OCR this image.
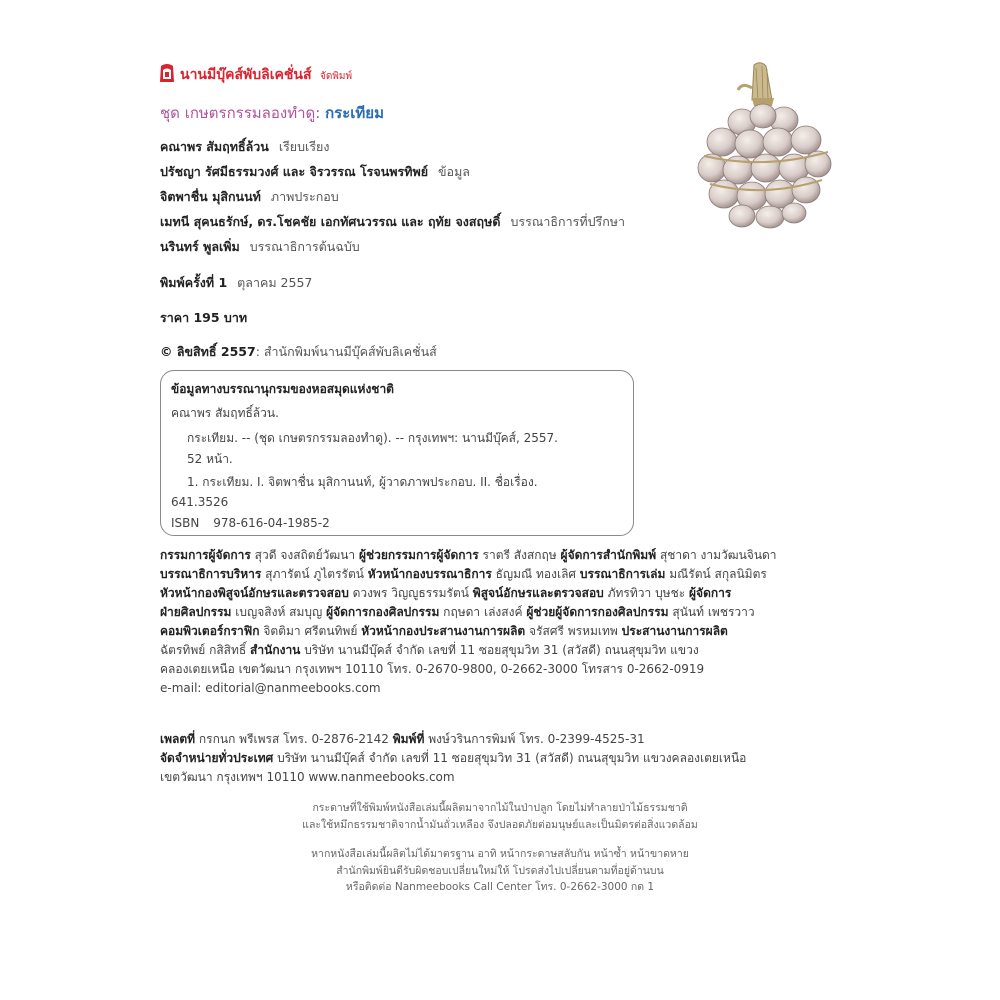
นานมีบุ๊คส์พับลิเคชั่นส์ จัดพิมพ์
ชุด เกษตรกรรมลองทำดู: กระเทียม
คณาพร สัมฤทธิ์ล้วน เรียบเรียง
ปรัชญา รัศมีธรรมวงศ์ และ จิรวรรณ โรจนพรทิพย์ ข้อมูล
จิตพาชื่น มุสิกนนท์ ภาพประกอบ
เมทนี สุคนธรักษ์, ดร.โชคชัย เอกทัศนวรรณ และ ฤทัย จงสฤษดิ์ บรรณาธิการที่ปรึกษา
นรินทร์ พูลเพิ่ม บรรณาธิการต้นฉบับ
พิมพ์ครั้งที่ 1 ตุลาคม 2557
ราคา 195 บาท
© ลิขสิทธิ์ 2557: สำนักพิมพ์นานมีบุ๊คส์พับลิเคชั่นส์
ข้อมูลทางบรรณานุกรมของหอสมุดแห่งชาติ
คณาพร สัมฤทธิ์ล้วน.
กระเทียม. -- (ชุด เกษตรกรรมลองทำดู). -- กรุงเทพฯ: นานมีบุ๊คส์, 2557.
52 หน้า.
1. กระเทียม. I. จิตพาชื่น มุสิกานนท์, ผู้วาดภาพประกอบ. II. ชื่อเรื่อง.
641.3526
ISBN 978-616-04-1985-2
กรรมการผู้จัดการ สุวดี จงสถิตย์วัฒนา ผู้ช่วยกรรมการผู้จัดการ ราตรี สังสกฤษ ผู้จัดการสำนักพิมพ์ สุชาดา งามวัฒนจินดา
บรรณาธิการบริหาร สุภารัตน์ ภูไตรรัตน์ หัวหน้ากองบรรณาธิการ ธัญมณี ทองเลิศ บรรณาธิการเล่ม มณีรัตน์ สกุลนิมิตร
หัวหน้ากองพิสูจน์อักษรและตรวจสอบ ดวงพร วิญญูธรรมรัตน์ พิสูจน์อักษรและตรวจสอบ ภัทรทิวา บุษชะ ผู้จัดการ
ฝ่ายศิลปกรรม เบญจสิงห์ สมบุญ ผู้จัดการกองศิลปกรรม กฤษดา เล่งสงค์ ผู้ช่วยผู้จัดการกองศิลปกรรม สุนันท์ เพชรวาว
คอมพิวเตอร์กราฟิก จิตติมา ศรีตนทิพย์ หัวหน้ากองประสานงานการผลิต จรัสศรี พรหมเทพ ประสานงานการผลิต
ฉัตรทิพย์ กสิสิทธิ์ สำนักงาน บริษัท นานมีบุ๊คส์ จำกัด เลขที่ 11 ซอยสุขุมวิท 31 (สวัสดี) ถนนสุขุมวิท แขวง
คลองเตยเหนือ เขตวัฒนา กรุงเทพฯ 10110 โทร. 0-2670-9800, 0-2662-3000 โทรสาร 0-2662-0919
e-mail: editorial@nanmeebooks.com
เพลตที่ กรกนก พรีเพรส โทร. 0-2876-2142 พิมพ์ที่ พงษ์วรินการพิมพ์ โทร. 0-2399-4525-31
จัดจำหน่ายทั่วประเทศ บริษัท นานมีบุ๊คส์ จำกัด เลขที่ 11 ซอยสุขุมวิท 31 (สวัสดี) ถนนสุขุมวิท แขวงคลองเตยเหนือ
เขตวัฒนา กรุงเทพฯ 10110 www.nanmeebooks.com
กระดาษที่ใช้พิมพ์หนังสือเล่มนี้ผลิตมาจากไม้ในป่าปลูก โดยไม่ทำลายป่าไม้ธรรมชาติ
และใช้หมึกธรรมชาติจากน้ำมันถั่วเหลือง จึงปลอดภัยต่อมนุษย์และเป็นมิตรต่อสิ่งแวดล้อม
หากหนังสือเล่มนี้ผลิตไม่ได้มาตรฐาน อาทิ หน้ากระดาษสลับกัน หน้าซ้ำ หน้าขาดหาย
สำนักพิมพ์ยินดีรับผิดชอบเปลี่ยนใหม่ให้ โปรดส่งไปเปลี่ยนตามที่อยู่ด้านบน
หรือติดต่อ Nanmeebooks Call Center โทร. 0-2662-3000 กด 1
